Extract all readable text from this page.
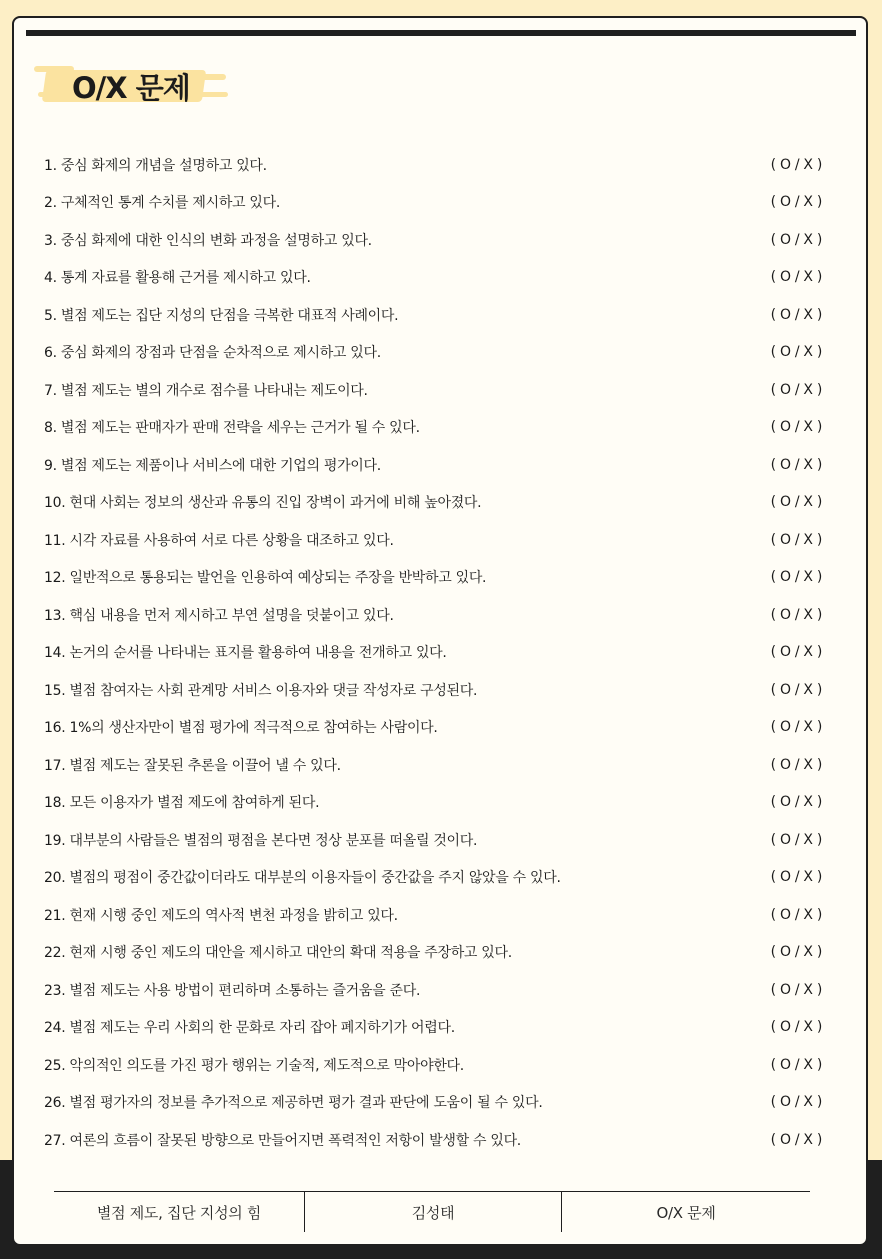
O/X 문제
1. 중심 화제의 개념을 설명하고 있다.	( O / X )
2. 구체적인 통계 수치를 제시하고 있다.	( O / X )
3. 중심 화제에 대한 인식의 변화 과정을 설명하고 있다.	( O / X )
4. 통계 자료를 활용해 근거를 제시하고 있다.	( O / X )
5. 별점 제도는 집단 지성의 단점을 극복한 대표적 사례이다.	( O / X )
6. 중심 화제의 장점과 단점을 순차적으로 제시하고 있다.	( O / X )
7. 별점 제도는 별의 개수로 점수를 나타내는 제도이다.	( O / X )
8. 별점 제도는 판매자가 판매 전략을 세우는 근거가 될 수 있다.	( O / X )
9. 별점 제도는 제품이나 서비스에 대한 기업의 평가이다.	( O / X )
10. 현대 사회는 정보의 생산과 유통의 진입 장벽이 과거에 비해 높아졌다.	( O / X )
11. 시각 자료를 사용하여 서로 다른 상황을 대조하고 있다.	( O / X )
12. 일반적으로 통용되는 발언을 인용하여 예상되는 주장을 반박하고 있다.	( O / X )
13. 핵심 내용을 먼저 제시하고 부연 설명을 덧붙이고 있다.	( O / X )
14. 논거의 순서를 나타내는 표지를 활용하여 내용을 전개하고 있다.	( O / X )
15. 별점 참여자는 사회 관계망 서비스 이용자와 댓글 작성자로 구성된다.	( O / X )
16. 1%의 생산자만이 별점 평가에 적극적으로 참여하는 사람이다.	( O / X )
17. 별점 제도는 잘못된 추론을 이끌어 낼 수 있다.	( O / X )
18. 모든 이용자가 별점 제도에 참여하게 된다.	( O / X )
19. 대부분의 사람들은 별점의 평점을 본다면 정상 분포를 떠올릴 것이다.	( O / X )
20. 별점의 평점이 중간값이더라도 대부분의 이용자들이 중간값을 주지 않았을 수 있다.	( O / X )
21. 현재 시행 중인 제도의 역사적 변천 과정을 밝히고 있다.	( O / X )
22. 현재 시행 중인 제도의 대안을 제시하고 대안의 확대 적용을 주장하고 있다.	( O / X )
23. 별점 제도는 사용 방법이 편리하며 소통하는 즐거움을 준다.	( O / X )
24. 별점 제도는 우리 사회의 한 문화로 자리 잡아 폐지하기가 어렵다.	( O / X )
25. 악의적인 의도를 가진 평가 행위는 기술적, 제도적으로 막아야한다.	( O / X )
26. 별점 평가자의 정보를 추가적으로 제공하면 평가 결과 판단에 도움이 될 수 있다.	( O / X )
27. 여론의 흐름이 잘못된 방향으로 만들어지면 폭력적인 저항이 발생할 수 있다.	( O / X )
별점 제도, 집단 지성의 힘	김성태	O/X 문제
